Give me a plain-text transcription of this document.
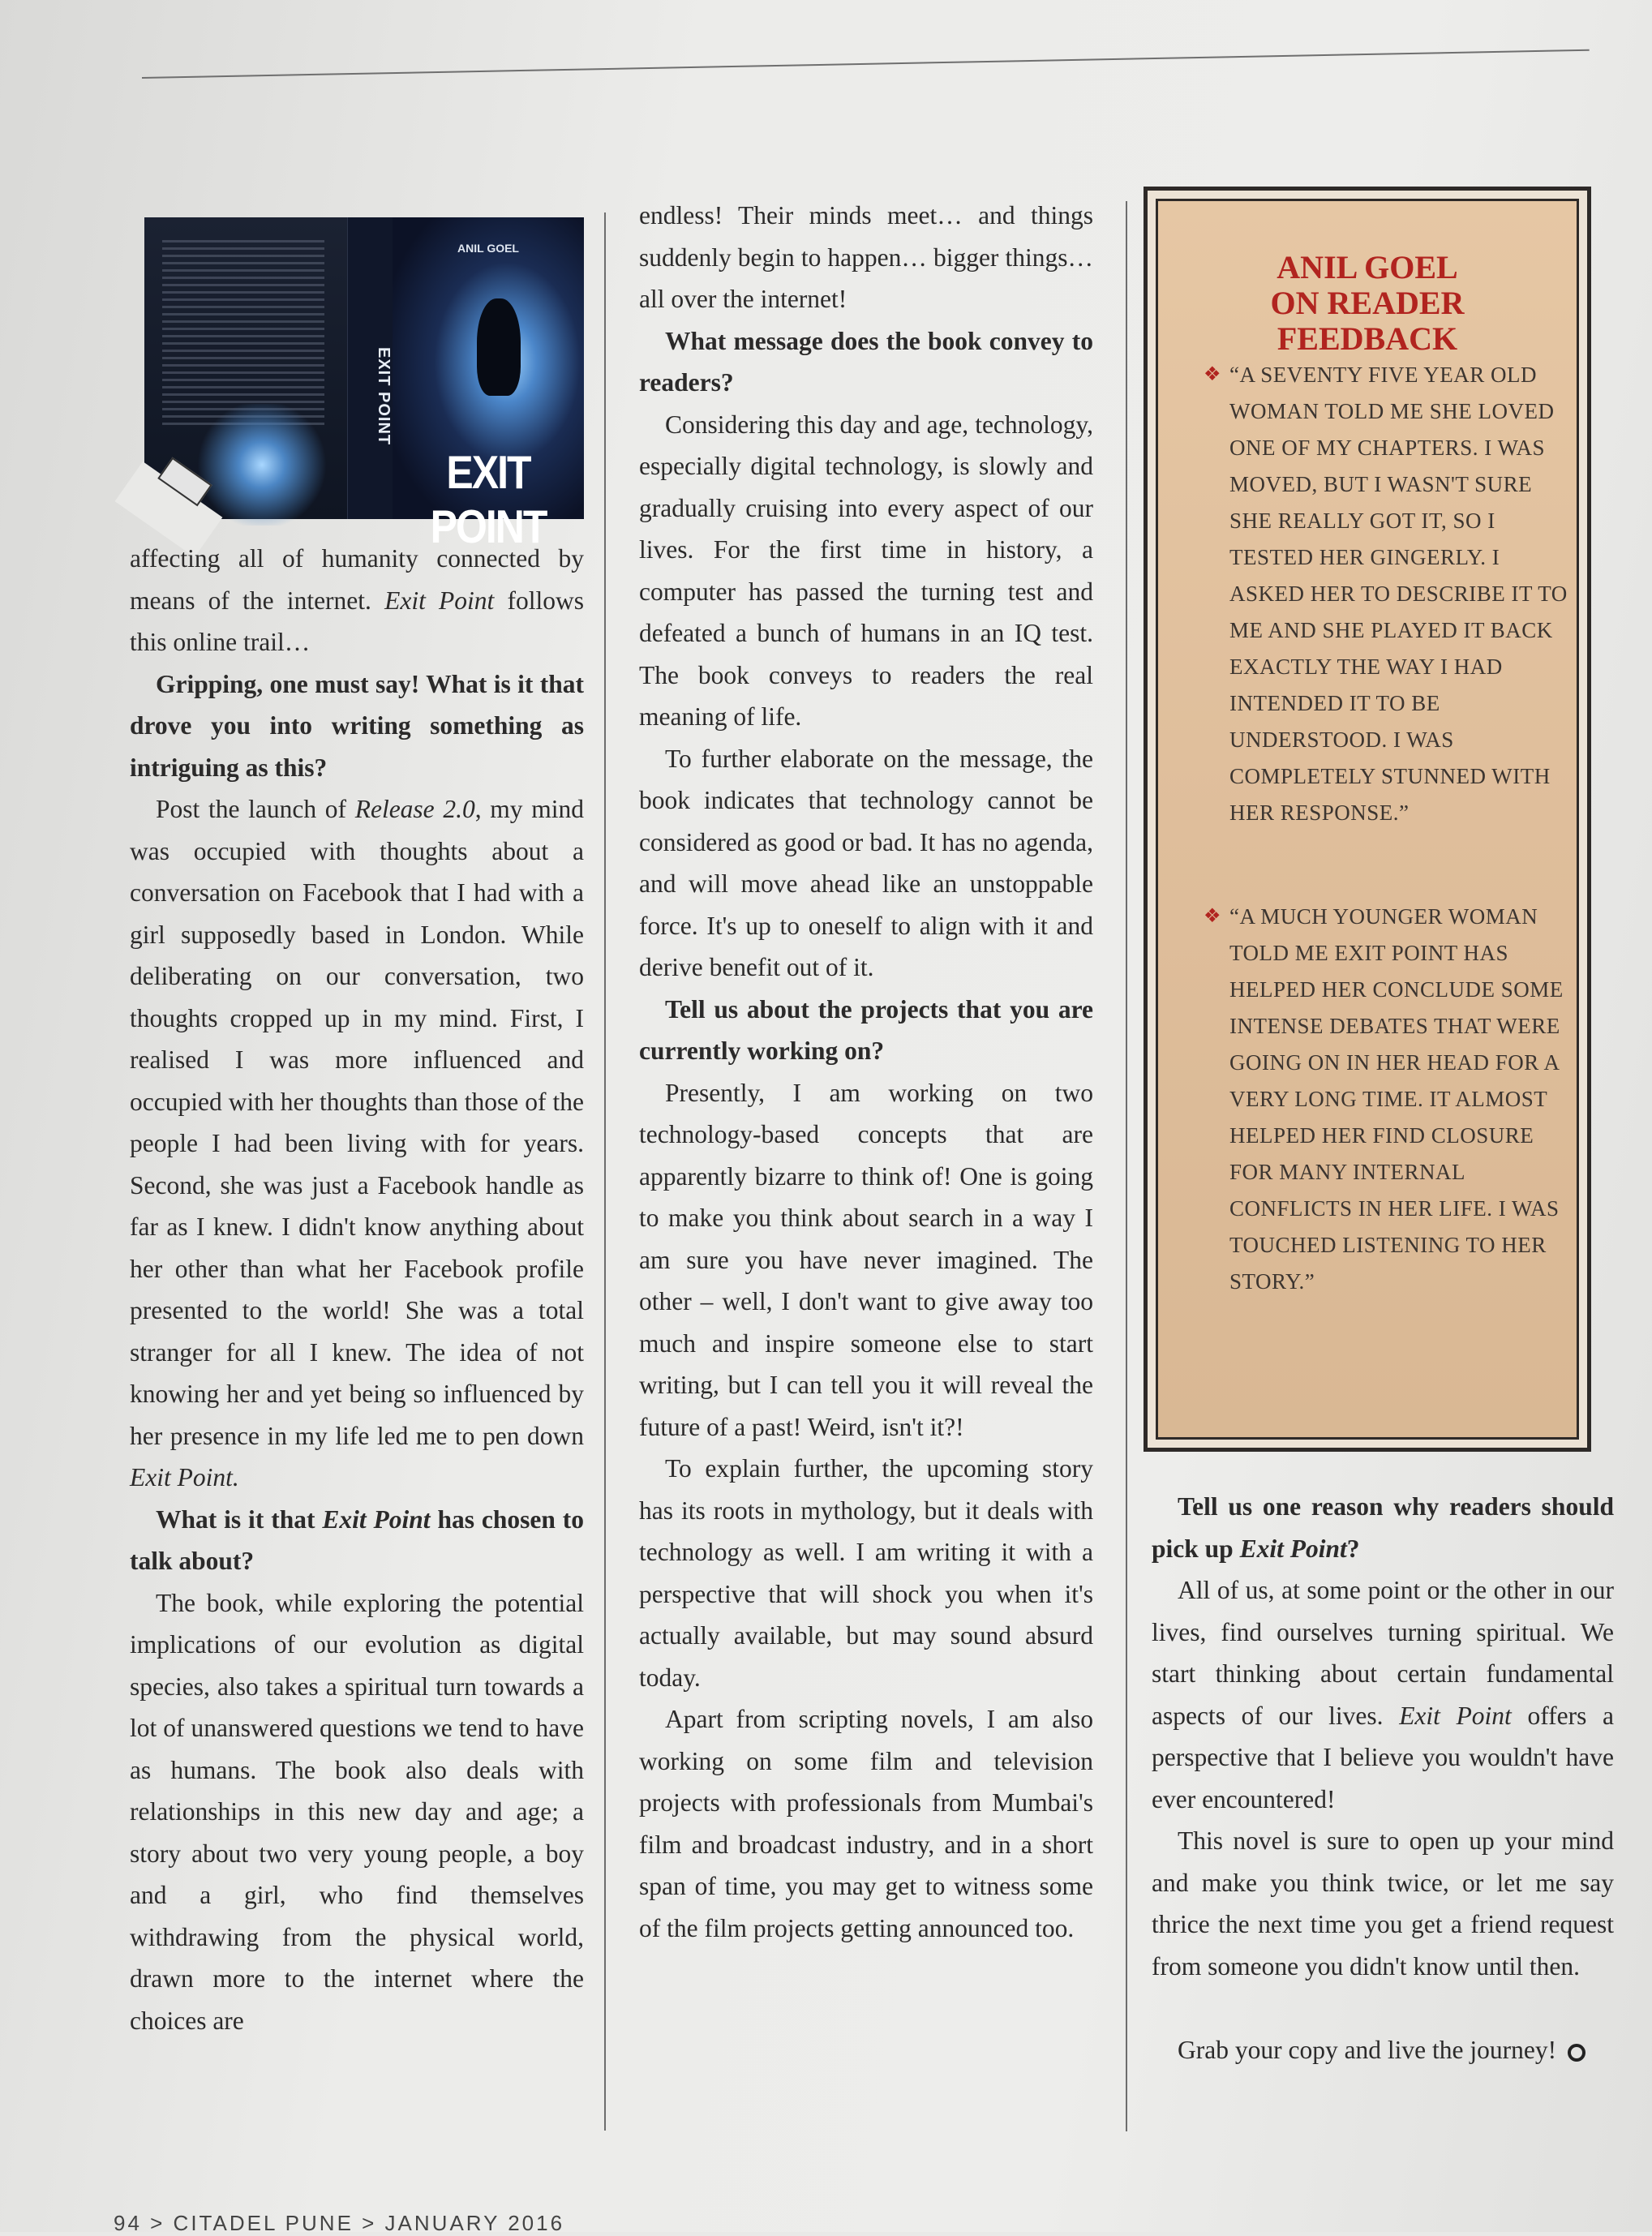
EXIT POINT
ANIL GOEL
EXIT POINT

affecting all of humanity connected by means of the internet. Exit Point follows this online trail…

Gripping, one must say! What is it that drove you into writing something as intriguing as this?

Post the launch of Release 2.0, my mind was occupied with thoughts about a conversation on Facebook that I had with a girl supposedly based in London. While deliberating on our conversation, two thoughts cropped up in my mind. First, I realised I was more influenced and occupied with her thoughts than those of the people I had been living with for years. Second, she was just a Facebook handle as far as I knew. I didn't know anything about her other than what her Facebook profile presented to the world! She was a total stranger for all I knew. The idea of not knowing her and yet being so influenced by her presence in my life led me to pen down Exit Point.

What is it that Exit Point has chosen to talk about?

The book, while exploring the potential implications of our evolution as digital species, also takes a spiritual turn towards a lot of unanswered questions we tend to have as humans. The book also deals with relationships in this new day and age; a story about two very young people, a boy and a girl, who find themselves withdrawing from the physical world, drawn more to the internet where the choices are

endless! Their minds meet… and things suddenly begin to happen… bigger things… all over the internet!

What message does the book convey to readers?

Considering this day and age, technology, especially digital technology, is slowly and gradually cruising into every aspect of our lives. For the first time in history, a computer has passed the turning test and defeated a bunch of humans in an IQ test. The book conveys to readers the real meaning of life.

To further elaborate on the message, the book indicates that technology cannot be considered as good or bad. It has no agenda, and will move ahead like an unstoppable force. It's up to oneself to align with it and derive benefit out of it.

Tell us about the projects that you are currently working on?

Presently, I am working on two technology-based concepts that are apparently bizarre to think of! One is going to make you think about search in a way I am sure you have never imagined. The other – well, I don't want to give away too much and inspire someone else to start writing, but I can tell you it will reveal the future of a past! Weird, isn't it?!

To explain further, the upcoming story has its roots in mythology, but it deals with technology as well. I am writing it with a perspective that will shock you when it's actually available, but may sound absurd today.

Apart from scripting novels, I am also working on some film and television projects with professionals from Mumbai's film and broadcast industry, and in a short span of time, you may get to witness some of the film projects getting announced too.

ANIL GOEL
ON READER
FEEDBACK
❖ “A SEVENTY FIVE YEAR OLD WOMAN TOLD ME SHE LOVED ONE OF MY CHAPTERS. I WAS MOVED, BUT I WASN'T SURE SHE REALLY GOT IT, SO I TESTED HER GINGERLY. I ASKED HER TO DESCRIBE IT TO ME AND SHE PLAYED IT BACK EXACTLY THE WAY I HAD INTENDED IT TO BE UNDERSTOOD. I WAS COMPLETELY STUNNED WITH HER RESPONSE.”
❖ “A MUCH YOUNGER WOMAN TOLD ME EXIT POINT HAS HELPED HER CONCLUDE SOME INTENSE DEBATES THAT WERE GOING ON IN HER HEAD FOR A VERY LONG TIME. IT ALMOST HELPED HER FIND CLOSURE FOR MANY INTERNAL CONFLICTS IN HER LIFE. I WAS TOUCHED LISTENING TO HER STORY.”

Tell us one reason why readers should pick up Exit Point?

All of us, at some point or the other in our lives, find ourselves turning spiritual. We start thinking about certain fundamental aspects of our lives. Exit Point offers a perspective that I believe you wouldn't have ever encountered!

This novel is sure to open up your mind and make you think twice, or let me say thrice the next time you get a friend request from someone you didn't know until then.

Grab your copy and live the journey!

94 > CITADEL PUNE > JANUARY 2016
